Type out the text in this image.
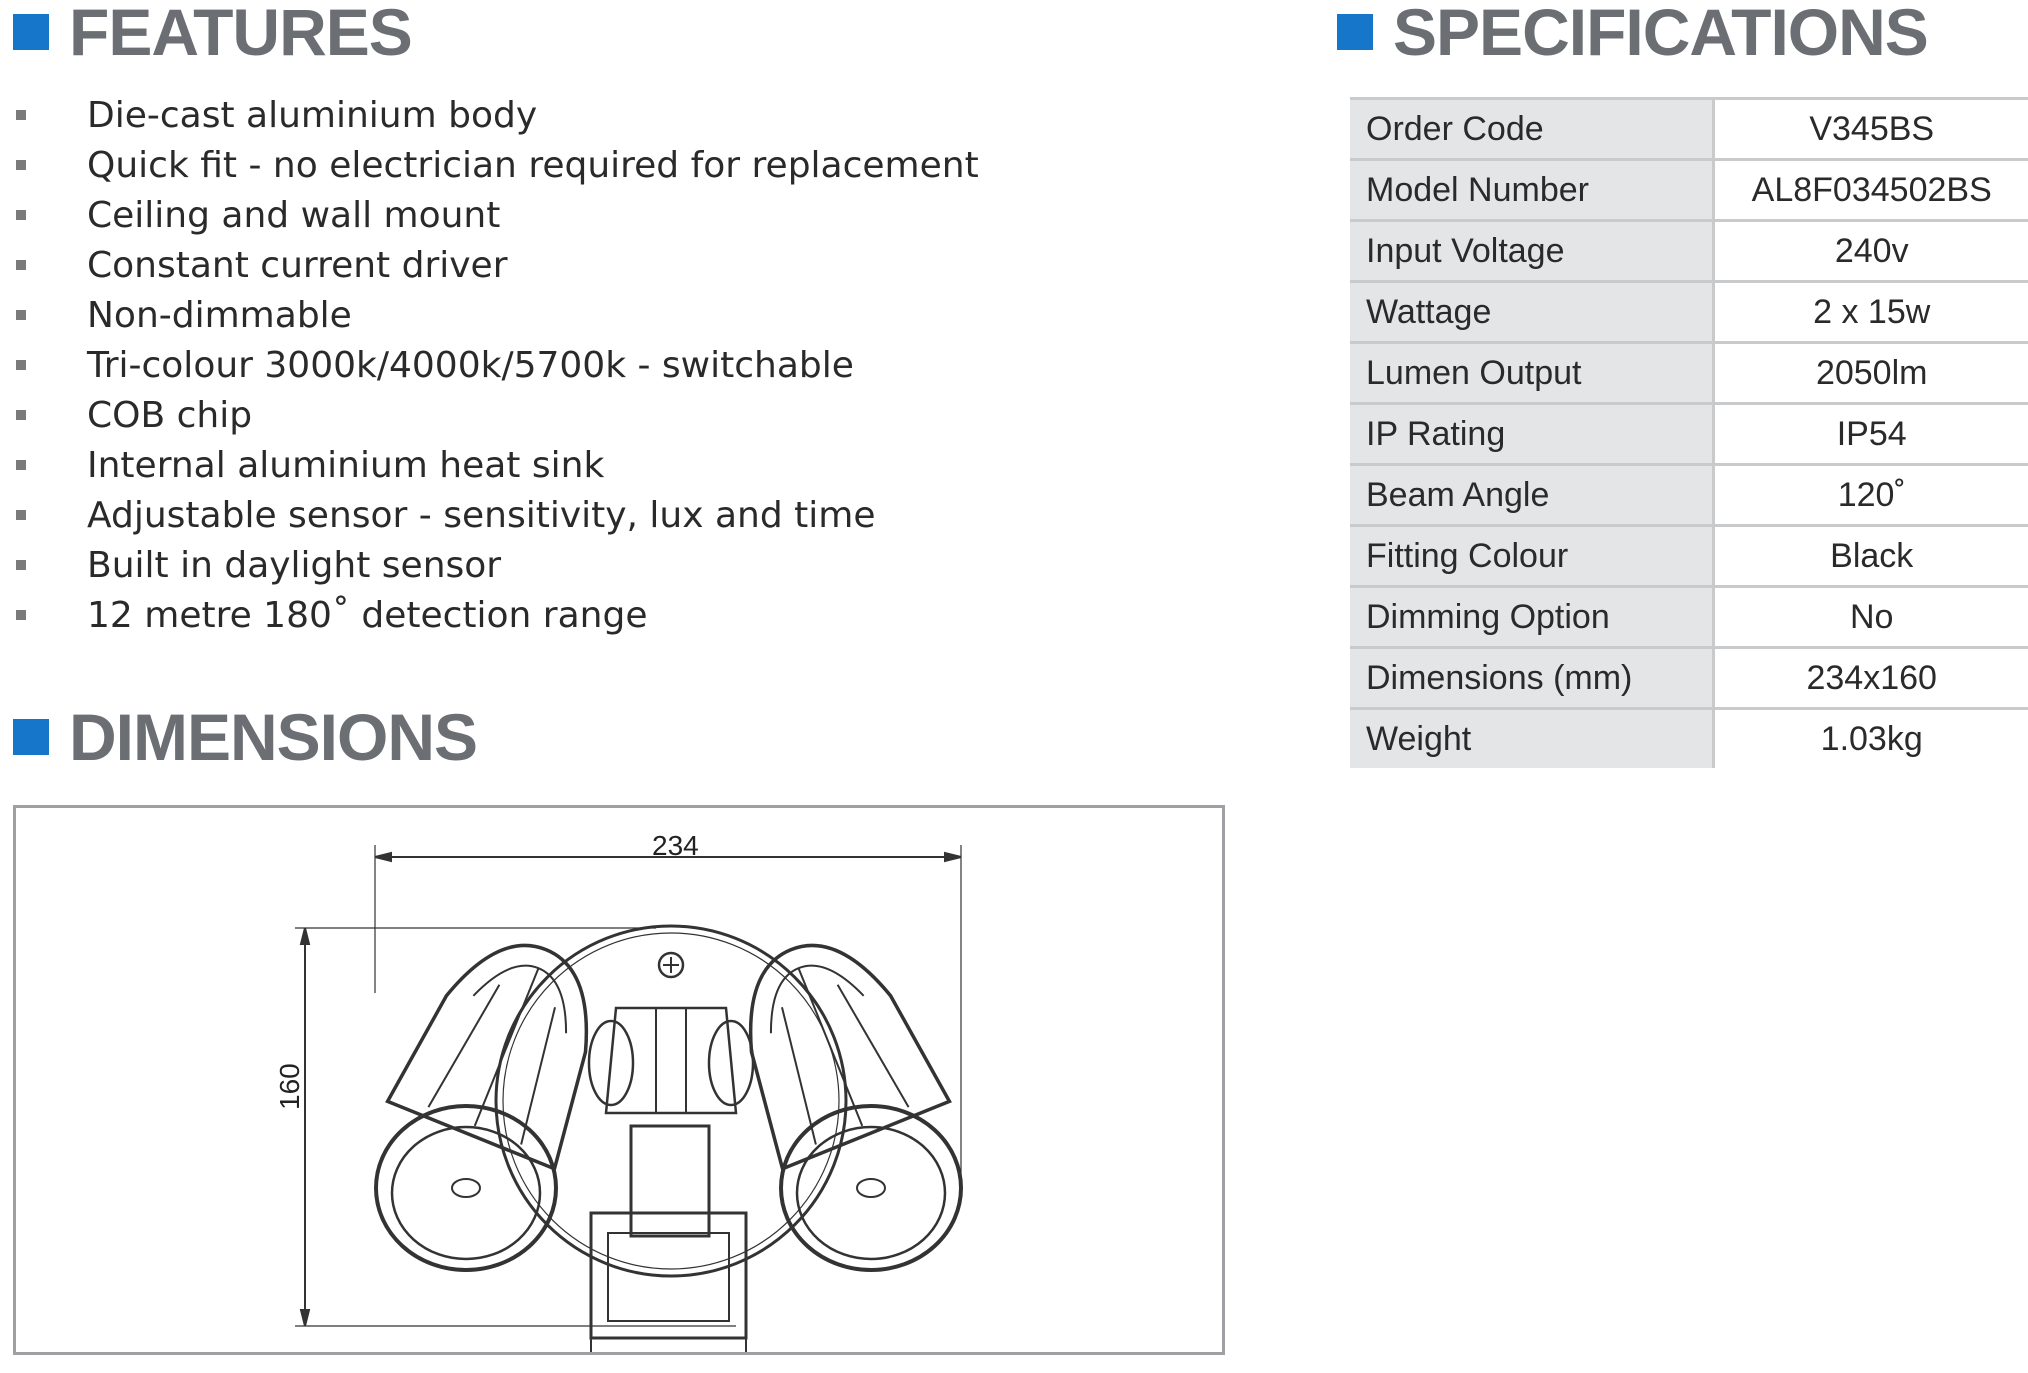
FEATURES
Die-cast aluminium body
Quick fit - no electrician required for replacement
Ceiling and wall mount
Constant current driver
Non-dimmable
Tri-colour 3000k/4000k/5700k - switchable
COB chip
Internal aluminium heat sink
Adjustable sensor - sensitivity, lux and time
Built in daylight sensor
12 metre 180˚ detection range
DIMENSIONS
234
160
SPECIFICATIONS
Order Code	V345BS
Model Number	AL8F034502BS
Input Voltage	240v
Wattage	2 x 15w
Lumen Output	2050lm
IP Rating	IP54
Beam Angle	120˚
Fitting Colour	Black
Dimming Option	No
Dimensions (mm)	234x160
Weight	1.03kg
